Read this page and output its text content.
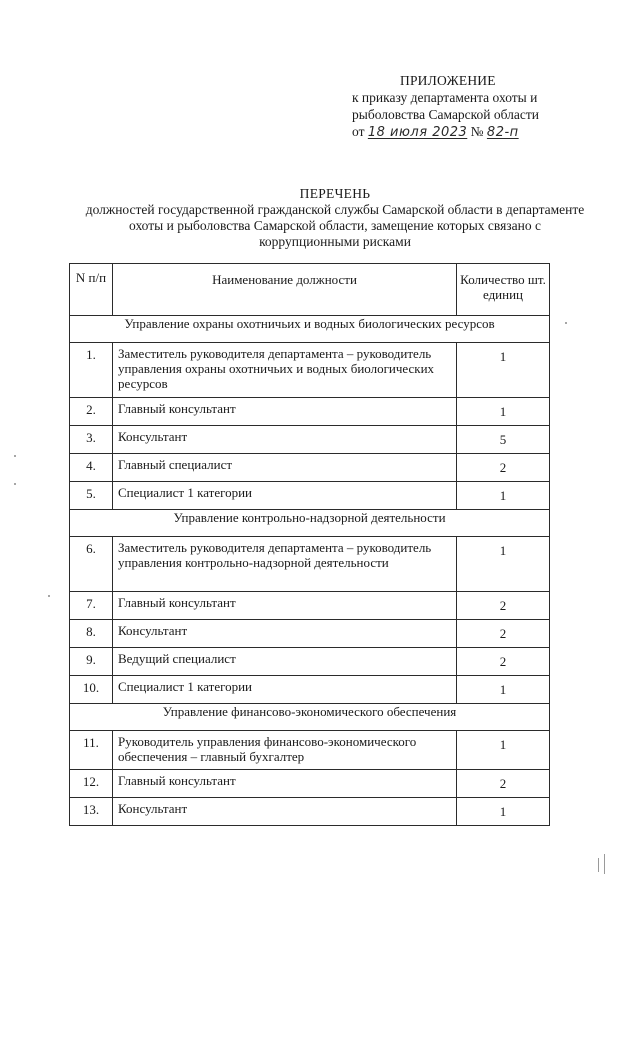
ПРИЛОЖЕНИЕ
к приказу департамента охоты и
рыболовства Самарской области
от 18 июля 2023 № 82-п
ПЕРЕЧЕНЬ
должностей государственной гражданской службы Самарской области в департаменте охоты и рыболовства Самарской области, замещение которых связано с коррупционными рисками
N п/п	Наименование должности	Количество шт. единиц
Управление охраны охотничьих и водных биологических ресурсов		
1.	Заместитель руководителя департамента – руководитель управления охраны охотничьих и водных биологических ресурсов	1
2.	Главный консультант	1
3.	Консультант	5
4.	Главный специалист	2
5.	Специалист 1 категории	1
Управление контрольно-надзорной деятельности		
6.	Заместитель руководителя департамента – руководитель управления контрольно-надзорной деятельности	1
7.	Главный консультант	2
8.	Консультант	2
9.	Ведущий специалист	2
10.	Специалист 1 категории	1
Управление финансово-экономического обеспечения		
11.	Руководитель управления финансово-экономического обеспечения – главный бухгалтер	1
12.	Главный консультант	2
13.	Консультант	1
